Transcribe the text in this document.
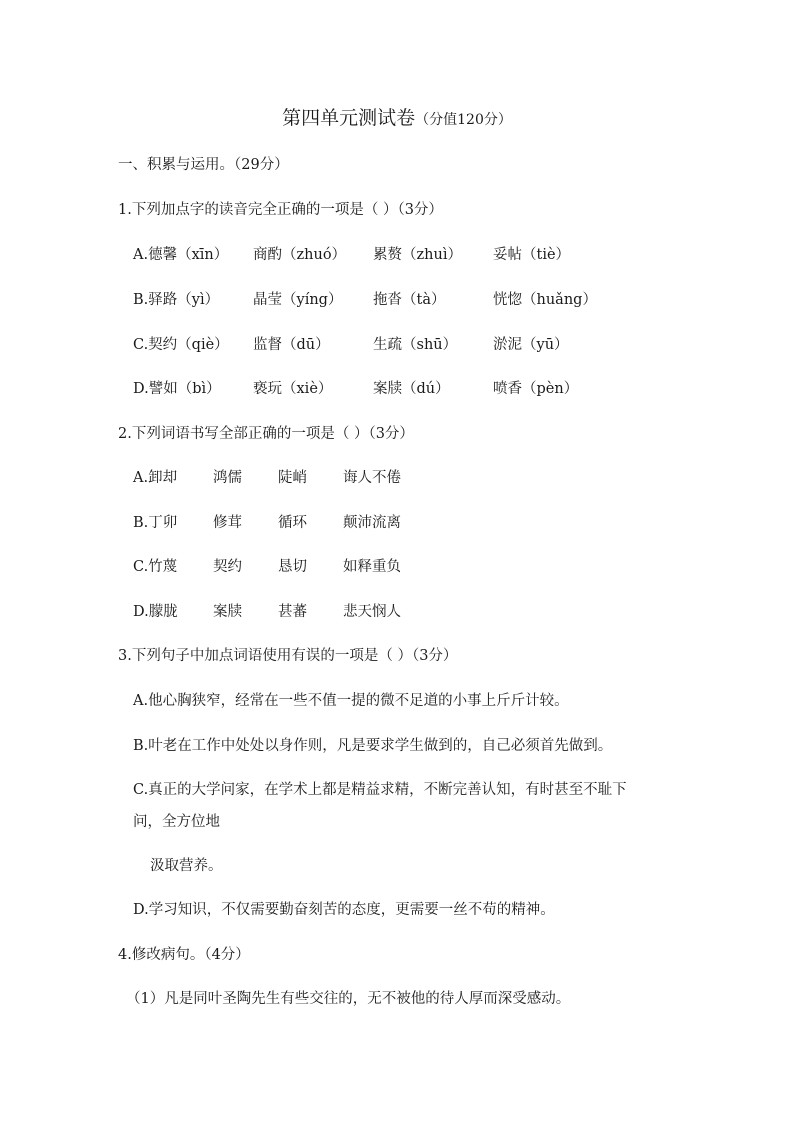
第四单元测试卷（分值120分）
一、积累与运用。（29分）
1.下列加点字的读音完全正确的一项是（ ）（3分）
A.德馨（xīn） 商酌（zhuó） 累赘（zhuì） 妥帖（tiè）
B.驿路（yì） 晶莹（yíng） 拖沓（tà）	恍惚（huǎng）
C.契约（qiè） 监督（dū）	生疏（shū） 淤泥（yū）
D.譬如（bì） 亵玩（xiè）	案牍（dú）	喷香（pèn）
2.下列词语书写全部正确的一项是（ ）（3分）
A.卸却 鸿儒 陡峭 诲人不倦
B.丁卯 修茸 循环 颠沛流离
C.竹蔑 契约 恳切 如释重负
D.朦胧 案牍 甚蕃 悲天悯人
3.下列句子中加点词语使用有误的一项是（ ）（3分）
A.他心胸狭窄，经常在一些不值一提的微不足道的小事上斤斤计较。
B.叶老在工作中处处以身作则，凡是要求学生做到的，自己必须首先做到。
C.真正的大学问家，在学术上都是精益求精，不断完善认知，有时甚至不耻下
问，全方位地
汲取营养。
D.学习知识，不仅需要勤奋刻苦的态度，更需要一丝不苟的精神。
4.修改病句。（4分）
（1）凡是同叶圣陶先生有些交往的，无不被他的待人厚而深受感动。
